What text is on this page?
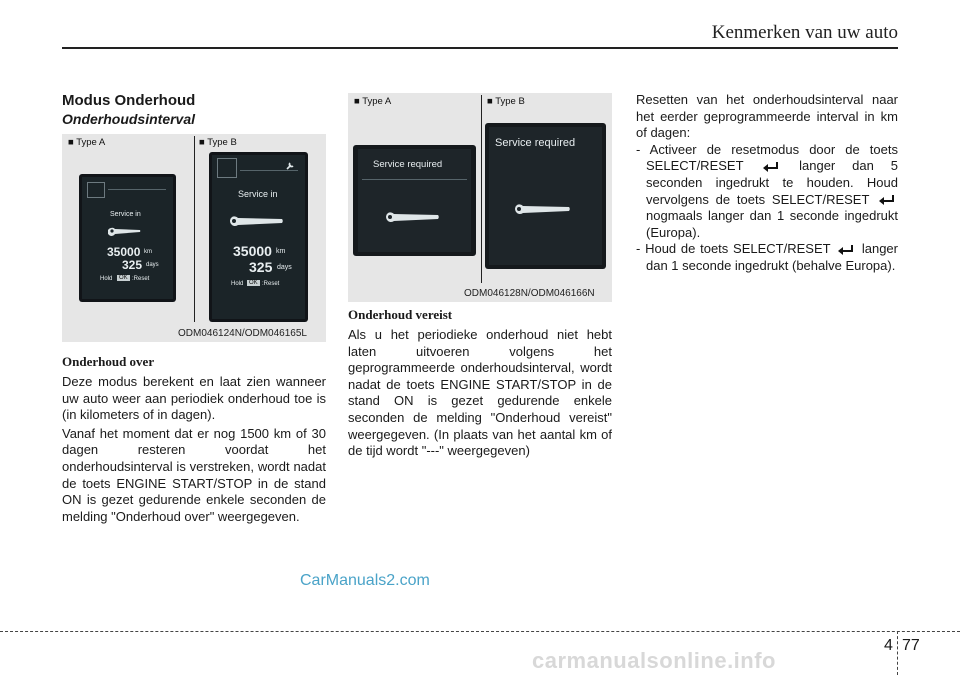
Kenmerken van uw auto
Modus Onderhoud
Onderhoudsinterval
■ Type A	■ Type B
Service in
35000 km
325 days
Hold	OK :Reset
Service in
35000 km
325 days
Hold OK :Reset
ODM046124N/ODM046165L
■ Type A	■ Type B
Service required
Service required
ODM046128N/ODM046166N
Onderhoud over

Deze modus berekent en laat zien wanneer uw auto weer aan periodiek onderhoud toe is (in kilometers of in dagen).

Vanaf het moment dat er nog 1500 km of 30 dagen resteren voordat het onderhoudsinterval is verstreken, wordt nadat de toets ENGINE START/STOP in de stand ON is gezet gedurende enkele seconden de melding "Onderhoud over" weergegeven.

Onderhoud vereist

Als u het periodieke onderhoud niet hebt laten uitvoeren volgens het geprogrammeerde onderhoudsinterval, wordt nadat de toets ENGINE START/STOP in de stand ON is gezet gedurende enkele seconden de melding "Onderhoud vereist" weergegeven. (In plaats van het aantal km of de tijd wordt "---" weergegeven)

Resetten van het onderhoudsinterval naar het eerder geprogrammeerde interval in km of dagen:

- Activeer de resetmodus door de toets SELECT/RESET	langer dan 5 seconden ingedrukt te houden. Houd vervolgens de toets SELECT/RESET  nogmaals langer dan 1 seconde ingedrukt (Europa).

- Houd de toets SELECT/RESET langer dan 1 seconde ingedrukt (behalve Europa).

CarManuals2.com
4 77
carmanualsonline.info
